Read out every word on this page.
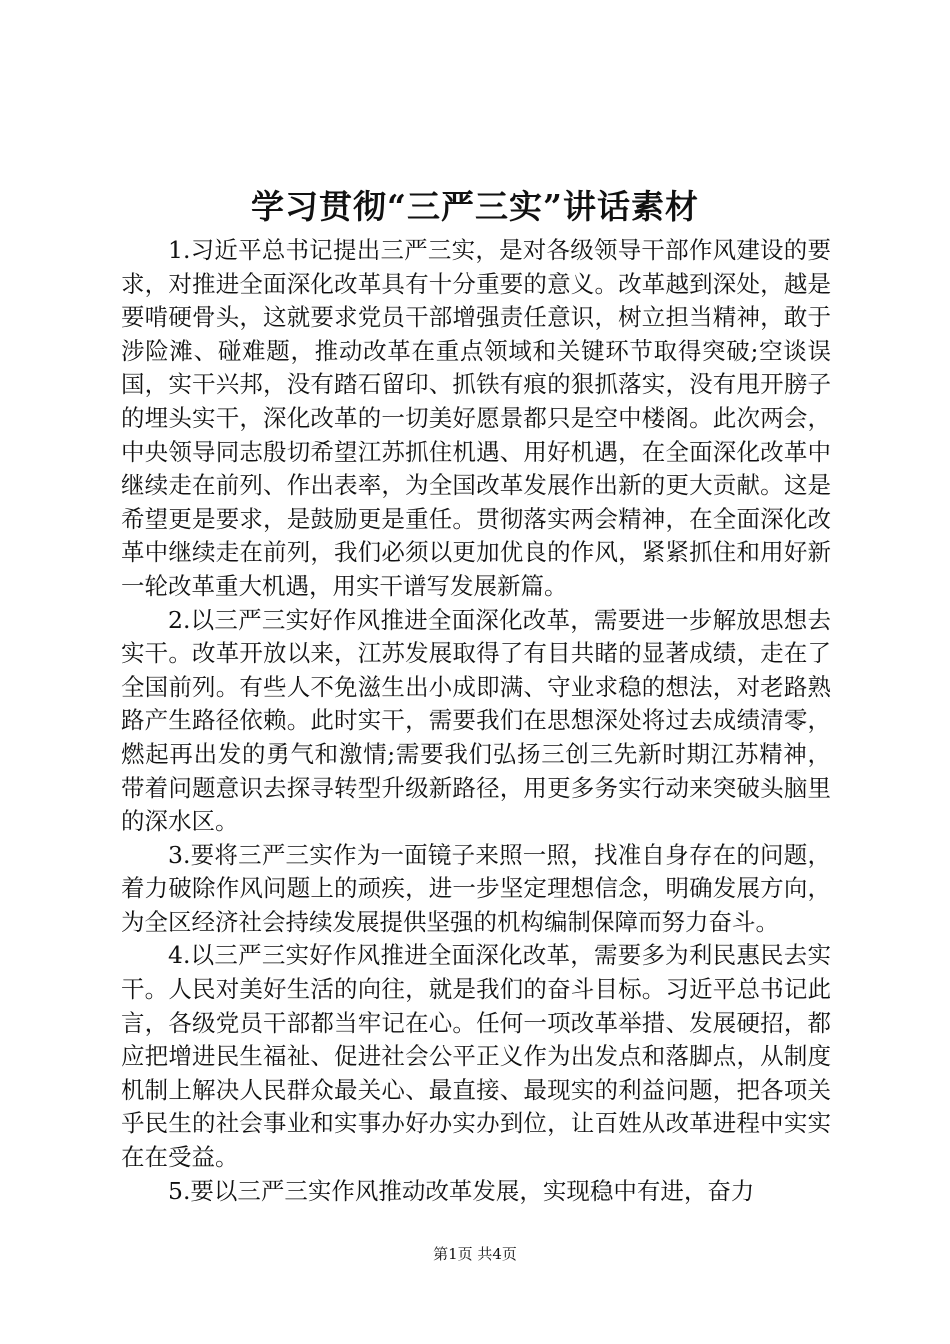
学习贯彻“三严三实”讲话素材

1.习近平总书记提出三严三实，是对各级领导干部作风建设的要求，对推进全面深化改革具有十分重要的意义。改革越到深处，越是要啃硬骨头，这就要求党员干部增强责任意识，树立担当精神，敢于涉险滩、碰难题，推动改革在重点领域和关键环节取得突破;空谈误国，实干兴邦，没有踏石留印、抓铁有痕的狠抓落实，没有甩开膀子的埋头实干，深化改革的一切美好愿景都只是空中楼阁。此次两会，中央领导同志殷切希望江苏抓住机遇、用好机遇，在全面深化改革中继续走在前列、作出表率，为全国改革发展作出新的更大贡献。这是希望更是要求，是鼓励更是重任。贯彻落实两会精神，在全面深化改革中继续走在前列，我们必须以更加优良的作风，紧紧抓住和用好新一轮改革重大机遇，用实干谱写发展新篇。

2.以三严三实好作风推进全面深化改革，需要进一步解放思想去实干。改革开放以来，江苏发展取得了有目共睹的显著成绩，走在了全国前列。有些人不免滋生出小成即满、守业求稳的想法，对老路熟路产生路径依赖。此时实干，需要我们在思想深处将过去成绩清零，燃起再出发的勇气和激情;需要我们弘扬三创三先新时期江苏精神，带着问题意识去探寻转型升级新路径，用更多务实行动来突破头脑里的深水区。

3.要将三严三实作为一面镜子来照一照，找准自身存在的问题，着力破除作风问题上的顽疾，进一步坚定理想信念，明确发展方向，为全区经济社会持续发展提供坚强的机构编制保障而努力奋斗。

4.以三严三实好作风推进全面深化改革，需要多为利民惠民去实干。人民对美好生活的向往，就是我们的奋斗目标。习近平总书记此言，各级党员干部都当牢记在心。任何一项改革举措、发展硬招，都应把增进民生福祉、促进社会公平正义作为出发点和落脚点，从制度机制上解决人民群众最关心、最直接、最现实的利益问题，把各项关乎民生的社会事业和实事办好办实办到位，让百姓从改革进程中实实在在受益。

5.要以三严三实作风推动改革发展，实现稳中有进，奋力

第1页 共4页
